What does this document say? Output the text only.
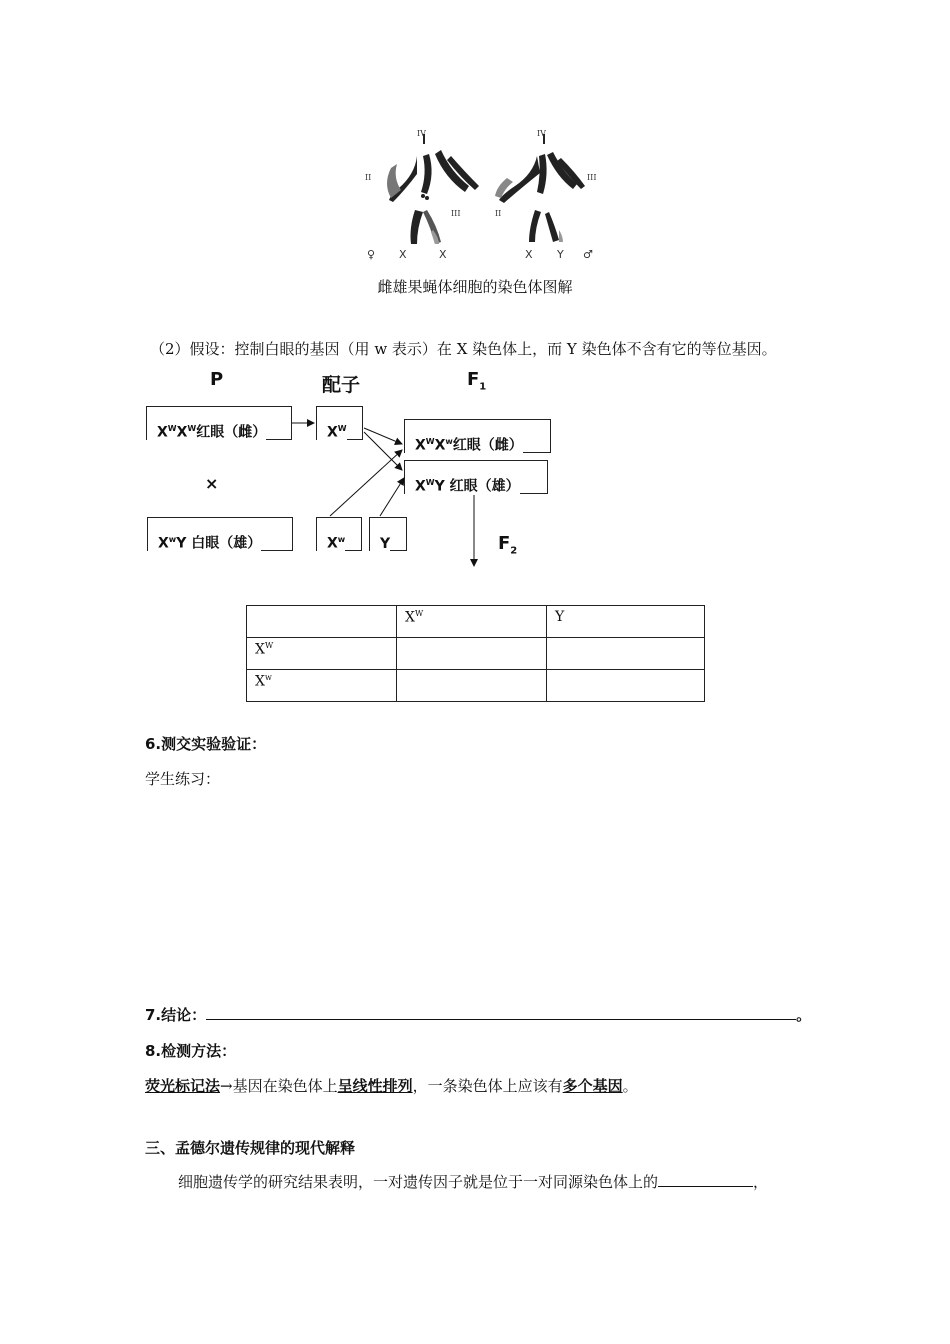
IV
II
III
IV
III
II
♀ X	X	X Y ♂
雌雄果蝇体细胞的染色体图解
（2）假设：控制白眼的基因（用 w 表示）在 X 染色体上，而 Y 染色体不含有它的等位基因。
P	配子	$F_1$
$F_2$
×
$X^WX^W$红眼（雌）	$X^W$
$X^WX^w$红眼（雌）
$X^WY$ 红眼（雄）
$X^wY$ 白眼（雄）	$X^w$	Y
	$X^W$	Y
$X^W$		
$X^w$		
6.测交实验验证：
学生练习：
7.结论：	。
8.检测方法：
荧光标记法→基因在染色体上呈线性排列，一条染色体上应该有多个基因。
三、孟德尔遗传规律的现代解释
细胞遗传学的研究结果表明，一对遗传因子就是位于一对同源染色体上的	，
